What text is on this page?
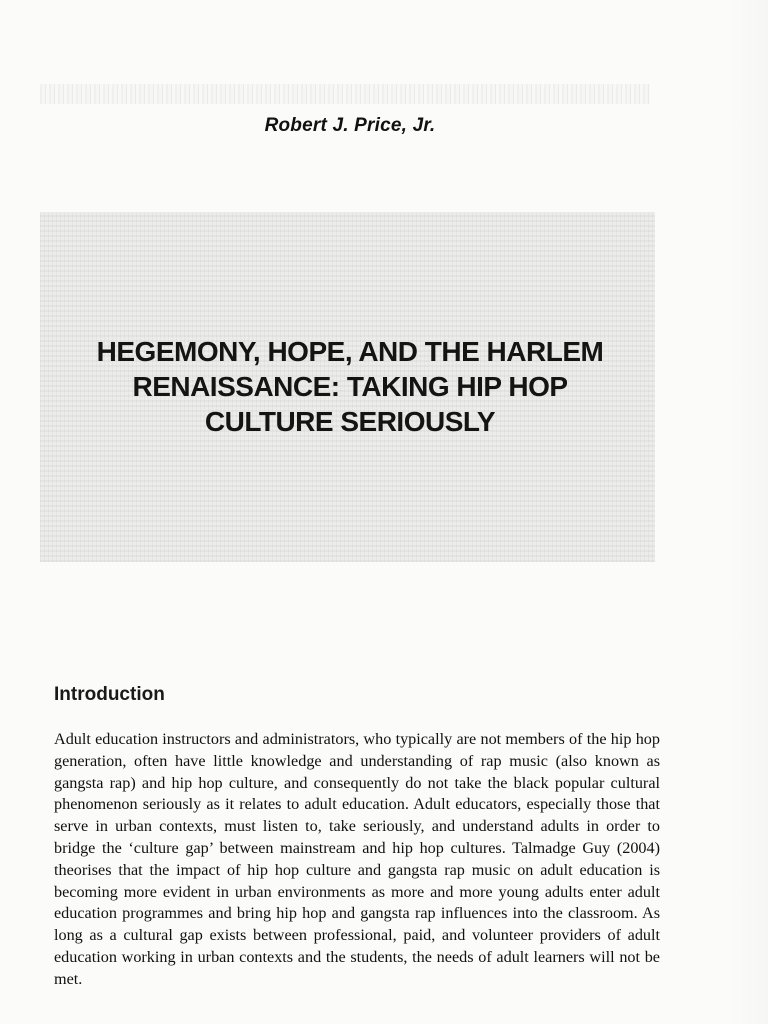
Robert J. Price, Jr.
HEGEMONY, HOPE, AND THE HARLEM
RENAISSANCE: TAKING HIP HOP
CULTURE SERIOUSLY
Introduction

Adult education instructors and administrators, who typically are not members of the hip hop generation, often have little knowledge and understanding of rap music (also known as gangsta rap) and hip hop culture, and consequently do not take the black popular cultural phenomenon seriously as it relates to adult education. Adult educators, especially those that serve in urban contexts, must listen to, take seriously, and understand adults in order to bridge the ‘culture gap’ between mainstream and hip hop cultures. Talmadge Guy (2004) theorises that the impact of hip hop culture and gangsta rap music on adult education is becoming more evident in urban environments as more and more young adults enter adult education programmes and bring hip hop and gangsta rap influences into the classroom. As long as a cultural gap exists between professional, paid, and volunteer providers of adult education working in urban contexts and the students, the needs of adult learners will not be met.
